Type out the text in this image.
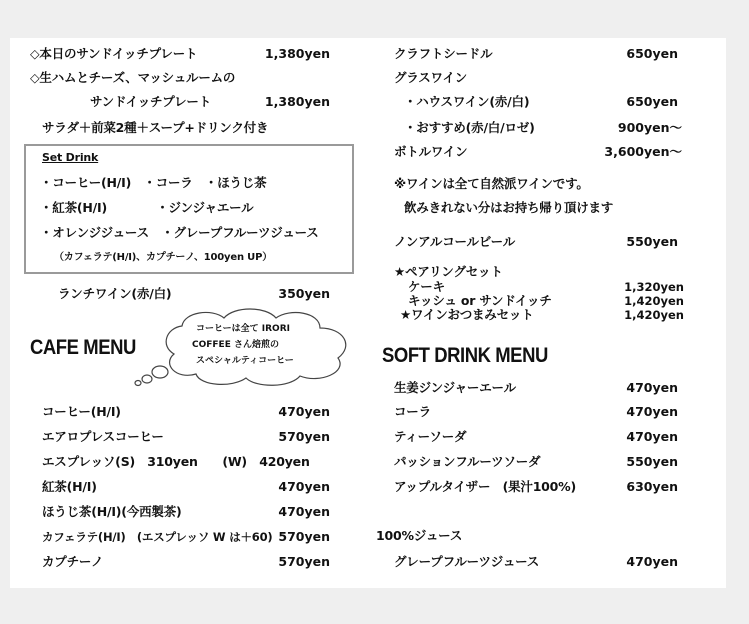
◇本日のサンドイッチプレート	1,380yen
◇生ハムとチーズ、マッシュルームの
サンドイッチプレート	1,380yen
サラダ＋前菜2種＋スープ+ドリンク付き
Set Drink
・コーヒー(H/I)　・コーラ　・ほうじ茶
・紅茶(H/I)　　　　・ジンジャエール
・オレンジジュース　・グレープフルーツジュース
（カフェラテ(H/I)、カプチーノ、100yen UP）
ランチワイン(赤/白)	350yen
CAFE MENU
コーヒーは全て IRORI
COFFEE さん焙煎の
スペシャルティコーヒー
コーヒー(H/I)	470yen
エアロプレスコーヒー	570yen
エスプレッソ(S)　310yen　　(W)　420yen
紅茶(H/I)	470yen
ほうじ茶(H/I)(今西製茶)	470yen
カフェラテ(H/I)　(エスプレッソ W は＋60) 570yen
カプチーノ	570yen
クラフトシードル	650yen
グラスワイン
・ハウスワイン(赤/白)	650yen
・おすすめ(赤/白/ロゼ)	900yen～
ボトルワイン	3,600yen～
※ワインは全て自然派ワインです。
飲みきれない分はお持ち帰り頂けます
ノンアルコールビール	550yen
★ペアリングセット
ケーキ	1,320yen
キッシュ or サンドイッチ	1,420yen
★ワインおつまみセット	1,420yen
SOFT DRINK MENU
生姜ジンジャーエール	470yen
コーラ	470yen
ティーソーダ	470yen
パッションフルーツソーダ	550yen
アップルタイザー　(果汁100%)	630yen
100%ジュース
グレープフルーツジュース	470yen
